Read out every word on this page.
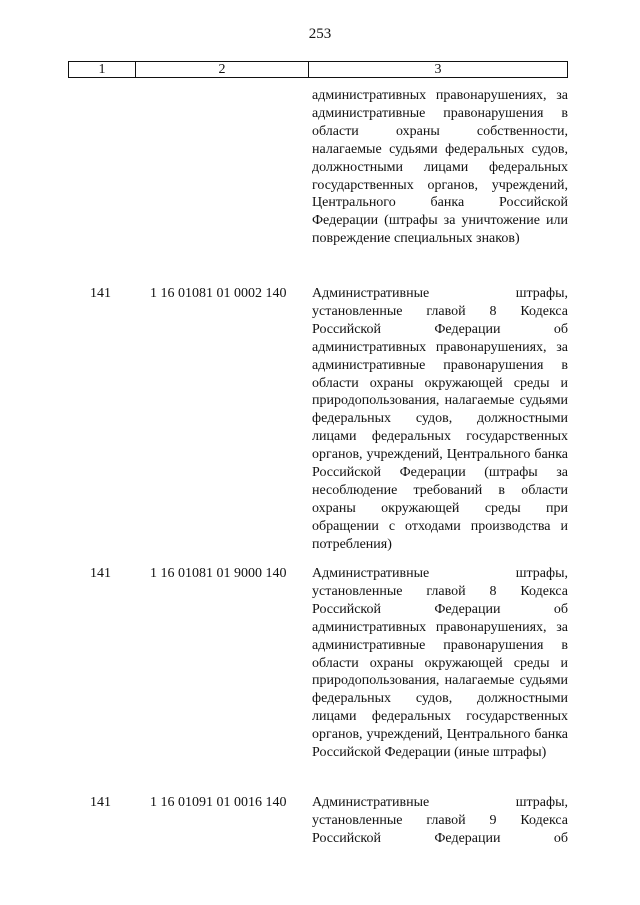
253
1	2	3

административных правонарушениях, за административные правонарушения в области охраны собственности, налагаемые судьями федеральных судов, должностными лицами федеральных государственных органов, учреждений, Центрального банка Российской Федерации (штрафы за уничтожение или повреждение специальных знаков)

141	1 16 01081 01 0002 140 Административные штрафы, установленные главой 8 Кодекса Российской Федерации об административных правонарушениях, за административные правонарушения в области охраны окружающей среды и природопользования, налагаемые судьями федеральных судов, должностными лицами федеральных государственных органов, учреждений, Центрального банка Российской Федерации (штрафы за несоблюдение требований в области охраны окружающей среды при обращении с отходами производства и потребления)

141	1 16 01081 01 9000 140 Административные штрафы, установленные главой 8 Кодекса Российской Федерации об административных правонарушениях, за административные правонарушения в области охраны окружающей среды и природопользования, налагаемые судьями федеральных судов, должностными лицами федеральных государственных органов, учреждений, Центрального банка Российской Федерации (иные штрафы)

141	1 16 01091 01 0016 140 Административные штрафы, установленные главой 9 Кодекса Российской Федерации об
